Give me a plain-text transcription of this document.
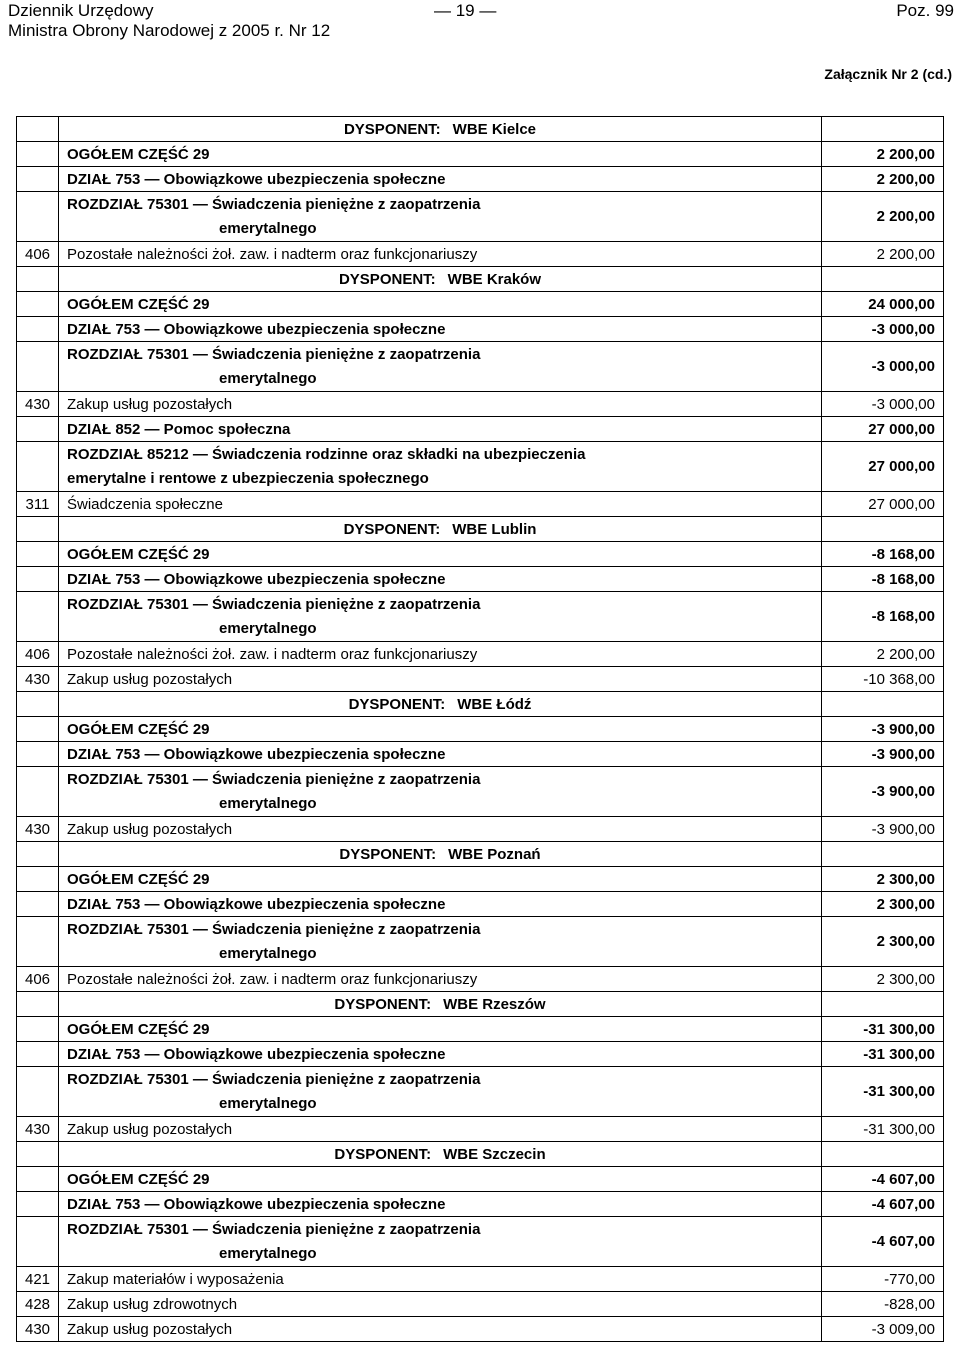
Dziennik Urzędowy
Ministra Obrony Narodowej z 2005 r. Nr 12
— 19 —	Poz. 99
Załącznik Nr 2 (cd.)
	DYSPONENT: WBE Kielce	
	OGÓŁEM CZĘŚĆ 29	2 200,00
	DZIAŁ 753 — Obowiązkowe ubezpieczenia społeczne	2 200,00

	ROZDZIAŁ 75301 — Świadczenia pieniężne z zaopatrzenia
emerytalnego	2 200,00
406	Pozostałe należności żoł. zaw. i nadterm oraz funkcjonariuszy	2 200,00
	DYSPONENT: WBE Kraków	
	OGÓŁEM CZĘŚĆ 29	24 000,00
	DZIAŁ 753 — Obowiązkowe ubezpieczenia społeczne	-3 000,00

	ROZDZIAŁ 75301 — Świadczenia pieniężne z zaopatrzenia
emerytalnego	-3 000,00
430	Zakup usług pozostałych	-3 000,00
	DZIAŁ 852 — Pomoc społeczna	27 000,00

	ROZDZIAŁ 85212 — Świadczenia rodzinne oraz składki na ubezpieczenia
emerytalne i rentowe z ubezpieczenia społecznego	27 000,00
311	Świadczenia społeczne	27 000,00
	DYSPONENT: WBE Lublin	
	OGÓŁEM CZĘŚĆ 29	-8 168,00
	DZIAŁ 753 — Obowiązkowe ubezpieczenia społeczne	-8 168,00

	ROZDZIAŁ 75301 — Świadczenia pieniężne z zaopatrzenia
emerytalnego	-8 168,00
406	Pozostałe należności żoł. zaw. i nadterm oraz funkcjonariuszy	2 200,00
430	Zakup usług pozostałych	-10 368,00
	DYSPONENT: WBE Łódź	
	OGÓŁEM CZĘŚĆ 29	-3 900,00
	DZIAŁ 753 — Obowiązkowe ubezpieczenia społeczne	-3 900,00

	ROZDZIAŁ 75301 — Świadczenia pieniężne z zaopatrzenia
emerytalnego	-3 900,00
430	Zakup usług pozostałych	-3 900,00
	DYSPONENT: WBE Poznań	
	OGÓŁEM CZĘŚĆ 29	2 300,00
	DZIAŁ 753 — Obowiązkowe ubezpieczenia społeczne	2 300,00

	ROZDZIAŁ 75301 — Świadczenia pieniężne z zaopatrzenia
emerytalnego	2 300,00
406	Pozostałe należności żoł. zaw. i nadterm oraz funkcjonariuszy	2 300,00
	DYSPONENT: WBE Rzeszów	
	OGÓŁEM CZĘŚĆ 29	-31 300,00
	DZIAŁ 753 — Obowiązkowe ubezpieczenia społeczne	-31 300,00

	ROZDZIAŁ 75301 — Świadczenia pieniężne z zaopatrzenia
emerytalnego	-31 300,00
430	Zakup usług pozostałych	-31 300,00
	DYSPONENT: WBE Szczecin	
	OGÓŁEM CZĘŚĆ 29	-4 607,00
	DZIAŁ 753 — Obowiązkowe ubezpieczenia społeczne	-4 607,00

	ROZDZIAŁ 75301 — Świadczenia pieniężne z zaopatrzenia
emerytalnego	-4 607,00
421	Zakup materiałów i wyposażenia	-770,00
428	Zakup usług zdrowotnych	-828,00
430	Zakup usług pozostałych	-3 009,00
